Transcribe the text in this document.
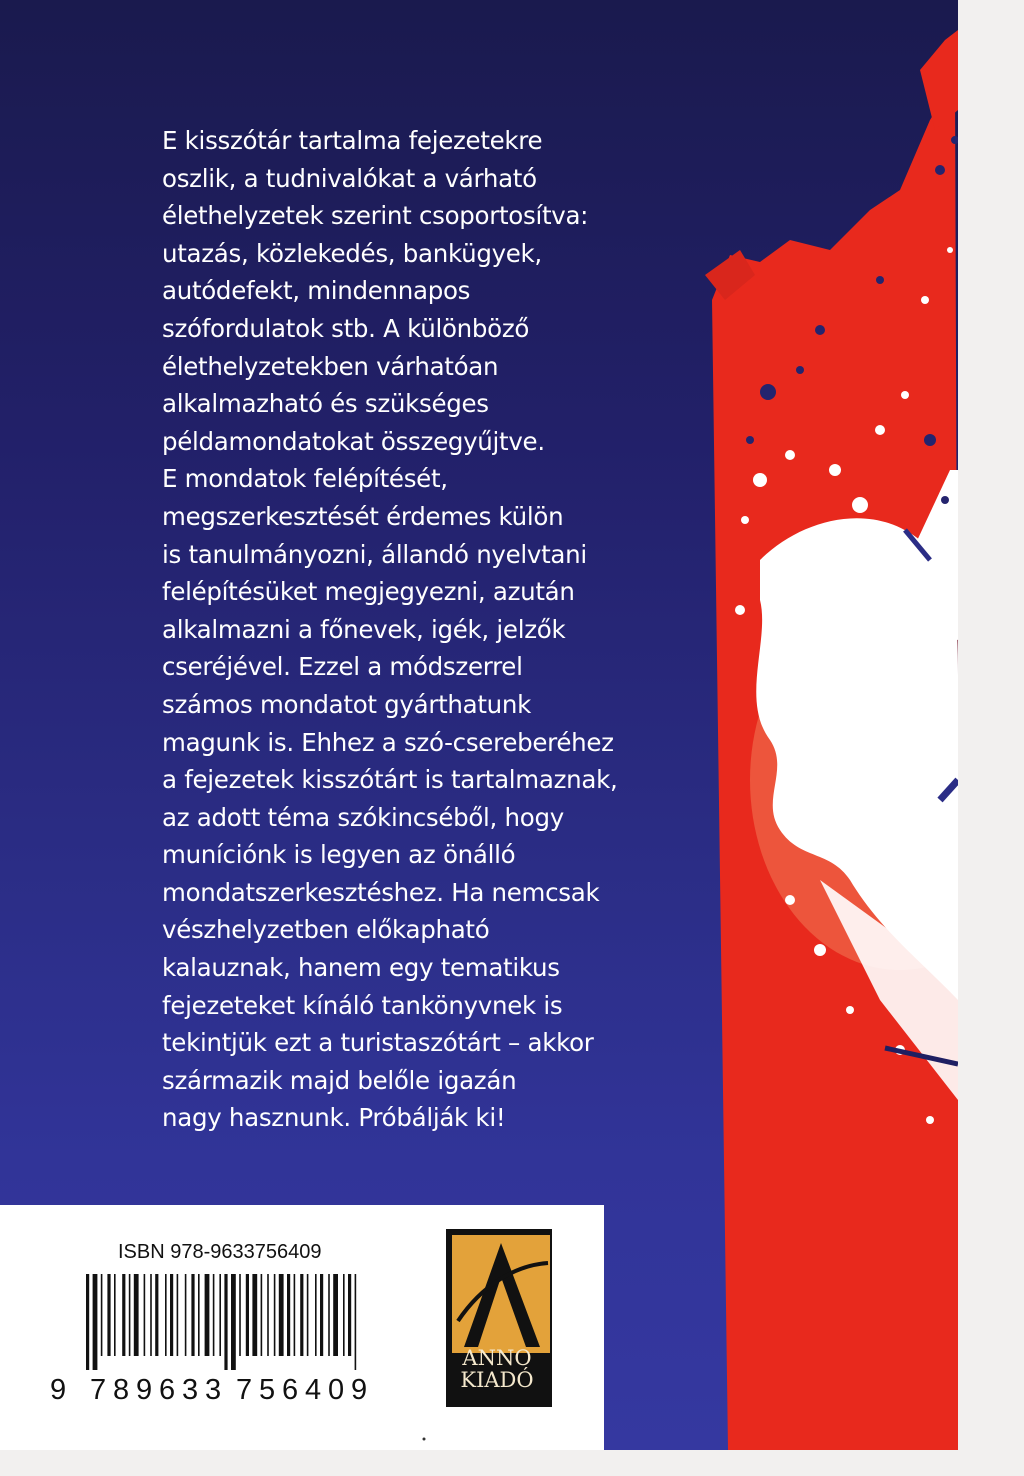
E kisszótár tartalma fejezetekre
oszlik, a tudnivalókat a várható
élethelyzetek szerint csoportosítva:
utazás, közlekedés, bankügyek,
autódefekt, mindennapos
szófordulatok stb. A különböző
élethelyzetekben várhatóan
alkalmazható és szükséges
példamondatokat összegyűjtve.
E mondatok felépítését,
megszerkesztését érdemes külön
is tanulmányozni, állandó nyelvtani
felépítésüket megjegyezni, azután
alkalmazni a főnevek, igék, jelzők
cseréjével. Ezzel a módszerrel
számos mondatot gyárthatunk
magunk is. Ehhez a szó-csereberéhez
a fejezetek kisszótárt is tartalmaznak,
az adott téma szókincséből, hogy
muníciónk is legyen az önálló
mondatszerkesztéshez. Ha nemcsak
vészhelyzetben előkapható
kalauznak, hanem egy tematikus
fejezeteket kínáló tankönyvnek is
tekintjük ezt a turistaszótárt – akkor
származik majd belőle igazán
nagy hasznunk. Próbálják ki!
ISBN 978-9633756409
9 7 8 9 6 3 3 7 5 6 4 0 9
ANNO
KIADÓ
